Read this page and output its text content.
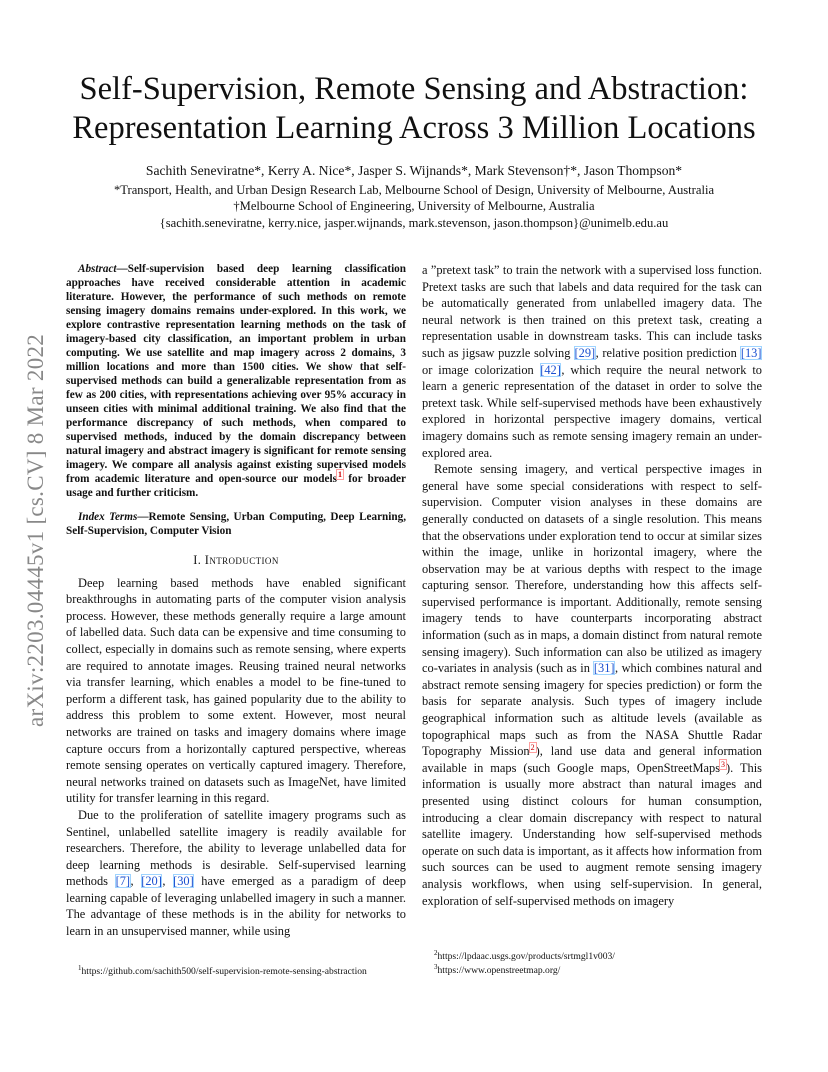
arXiv:2203.04445v1 [cs.CV] 8 Mar 2022
Self-Supervision, Remote Sensing and Abstraction:
Representation Learning Across 3 Million Locations
Sachith Seneviratne*, Kerry A. Nice*, Jasper S. Wijnands*, Mark Stevenson†*, Jason Thompson*
*Transport, Health, and Urban Design Research Lab, Melbourne School of Design, University of Melbourne, Australia
†Melbourne School of Engineering, University of Melbourne, Australia
{sachith.seneviratne, kerry.nice, jasper.wijnands, mark.stevenson, jason.thompson}@unimelb.edu.au

Abstract—Self-supervision based deep learning classification approaches have received considerable attention in academic literature. However, the performance of such methods on remote sensing imagery domains remains under-explored. In this work, we explore contrastive representation learning methods on the task of imagery-based city classification, an important problem in urban computing. We use satellite and map imagery across 2 domains, 3 million locations and more than 1500 cities. We show that self-supervised methods can build a generalizable representation from as few as 200 cities, with representations achieving over 95% accuracy in unseen cities with minimal additional training. We also find that the performance discrepancy of such methods, when compared to supervised methods, induced by the domain discrepancy between natural imagery and abstract imagery is significant for remote sensing imagery. We compare all analysis against existing supervised models from academic literature and open-source our models$^1$ for broader usage and further criticism.

Index Terms—Remote Sensing, Urban Computing, Deep Learning, Self-Supervision, Computer Vision

I. Introduction

Deep learning based methods have enabled significant breakthroughs in automating parts of the computer vision analysis process. However, these methods generally require a large amount of labelled data. Such data can be expensive and time consuming to collect, especially in domains such as remote sensing, where experts are required to annotate images. Reusing trained neural networks via transfer learning, which enables a model to be fine-tuned to perform a different task, has gained popularity due to the ability to address this problem to some extent. However, most neural networks are trained on tasks and imagery domains where image capture occurs from a horizontally captured perspective, whereas remote sensing operates on vertically captured imagery. Therefore, neural networks trained on datasets such as ImageNet, have limited utility for transfer learning in this regard.

Due to the proliferation of satellite imagery programs such as Sentinel, unlabelled satellite imagery is readily available for researchers. Therefore, the ability to leverage unlabelled data for deep learning methods is desirable. Self-supervised learning methods [7], [20], [30] have emerged as a paradigm of deep learning capable of leveraging unlabelled imagery in such a manner. The advantage of these methods is in the ability for networks to learn in an unsupervised manner, while using

a ”pretext task” to train the network with a supervised loss function. Pretext tasks are such that labels and data required for the task can be automatically generated from unlabelled imagery data. The neural network is then trained on this pretext task, creating a representation usable in downstream tasks. This can include tasks such as jigsaw puzzle solving [29], relative position prediction [13] or image colorization [42], which require the neural network to learn a generic representation of the dataset in order to solve the pretext task. While self-supervised methods have been exhaustively explored in horizontal perspective imagery domains, vertical imagery domains such as remote sensing imagery remain an under-explored area.

Remote sensing imagery, and vertical perspective images in general have some special considerations with respect to self-supervision. Computer vision analyses in these domains are generally conducted on datasets of a single resolution. This means that the observations under exploration tend to occur at similar sizes within the image, unlike in horizontal imagery, where the observation may be at various depths with respect to the image capturing sensor. Therefore, understanding how this affects self-supervised performance is important. Additionally, remote sensing imagery tends to have counterparts incorporating abstract information (such as in maps, a domain distinct from natural remote sensing imagery). Such information can also be utilized as imagery co-variates in analysis (such as in [31], which combines natural and abstract remote sensing imagery for species prediction) or form the basis for separate analysis. Such types of imagery include geographical information such as altitude levels (available as topographical maps such as from the NASA Shuttle Radar Topography Mission$^2$), land use data and general information available in maps (such Google maps, OpenStreetMaps$^3$). This information is usually more abstract than natural images and presented using distinct colours for human consumption, introducing a clear domain discrepancy with respect to natural satellite imagery. Understanding how self-supervised methods operate on such data is important, as it affects how information from such sources can be used to augment remote sensing imagery analysis workflows, when using self-supervision. In general, exploration of self-supervised methods on imagery

$^1$https://github.com/sachith500/self-supervision-remote-sensing-abstraction
$^2$https://lpdaac.usgs.gov/products/srtmgl1v003/
$^3$https://www.openstreetmap.org/
